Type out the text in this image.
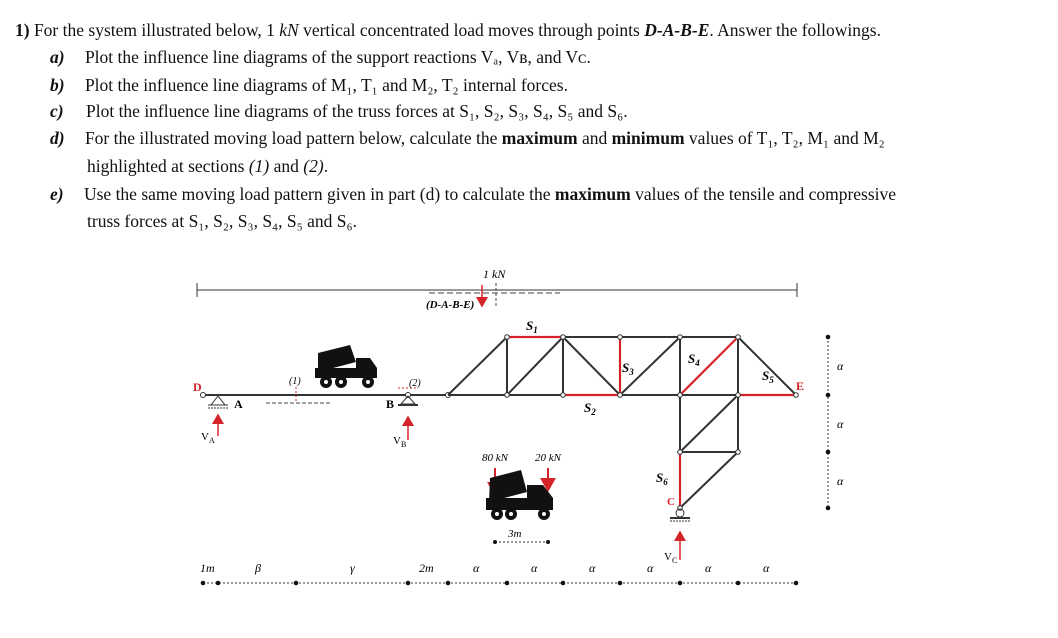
1) For the system illustrated below, 1 kN vertical concentrated load moves through points D-A-B-E. Answer the followings.
a) Plot the influence line diagrams of the support reactions Vₐ, Vʙ, and Vᴄ.
b) Plot the influence line diagrams of M₁, T₁ and M₂, T₂ internal forces.
c) Plot the influence line diagrams of the truss forces at S₁, S₂, S₃, S₄, S₅ and S₆.
d) For the illustrated moving load pattern below, calculate the maximum and minimum values of T₁, T₂, M₁ and M₂
highlighted at sections (1) and (2).
e) Use the same moving load pattern given in part (d) to calculate the maximum values of the tensile and compressive
truss forces at S₁, S₂, S₃, S₄, S₅ and S₆.
1 kN
(D-A-B-E)
D
A	B
$V_A$	$V_B$
(1)	(2)
$S_1$
$S_2$
$S_3$
$S_4$
$S_5$
$S_6$
E
C
$V_C$
80 kN 20 kN
3m
α
α
α
1m	β	γ	2m	α	α	α	α	α	α
